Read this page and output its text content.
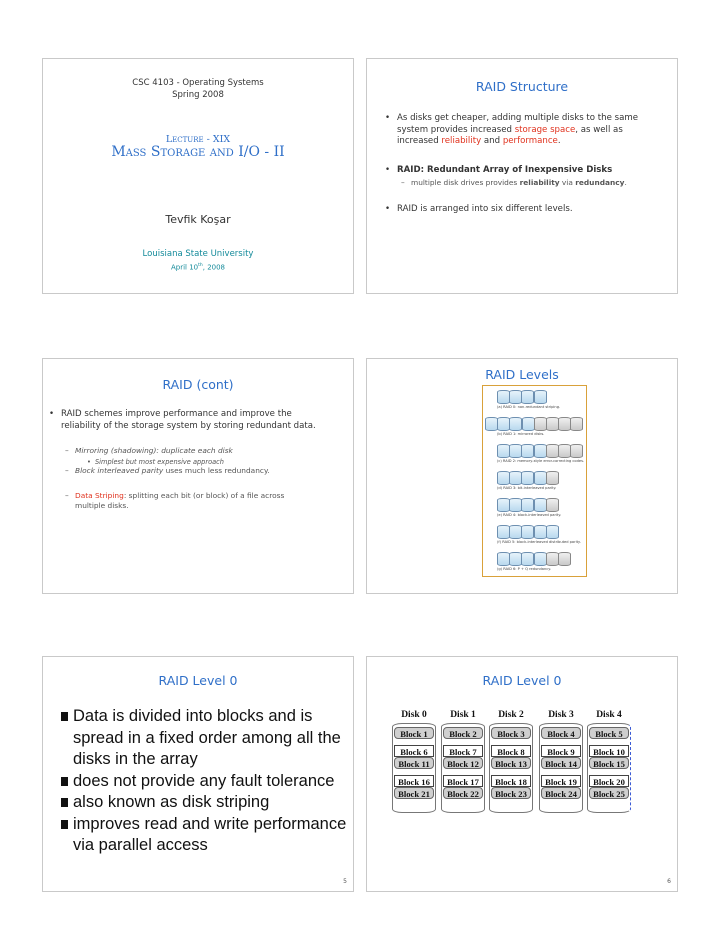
CSC 4103 - Operating Systems
Spring 2008
Lecture - XIX
Mass Storage and I/O - II
Tevfik Koşar
Louisiana State University
April 10th, 2008
RAID Structure
• As disks get cheaper, adding multiple disks to the same system provides increased storage space, as well as increased reliability and performance.
• RAID: Redundant Array of Inexpensive Disks
– multiple disk drives provides reliability via redundancy.
• RAID is arranged into six different levels.
RAID (cont)
• RAID schemes improve performance and improve the reliability of the storage system by storing redundant data.
– Mirroring (shadowing): duplicate each disk
• Simplest but most expensive approach
– Block interleaved parity uses much less redundancy.
– Data Striping: splitting each bit (or block) of a file across multiple disks.
RAID Levels
(a) RAID 0: non-redundant striping.
(b) RAID 1: mirrored disks.
(c) RAID 2: memory-style error-correcting codes.
(d) RAID 3: bit-interleaved parity.
(e) RAID 4: block-interleaved parity.
(f) RAID 5: block-interleaved distributed parity.
(g) RAID 6: P + Q redundancy.
RAID Level 0
Data is divided into blocks and is spread in a fixed order among all the disks in the array
does not provide any fault tolerance
also known as disk striping
improves read and write performance via parallel access
5
RAID Level 0
Disk 0	Disk 1	Disk 2	Disk 3	Disk 4
Block 1	Block 2	Block 3	Block 4	Block 5
Block 6	Block 7	Block 8	Block 9	Block 10
Block 11	Block 12	Block 13	Block 14	Block 15
Block 16	Block 17	Block 18	Block 19	Block 20
Block 21	Block 22	Block 23	Block 24	Block 25
6
